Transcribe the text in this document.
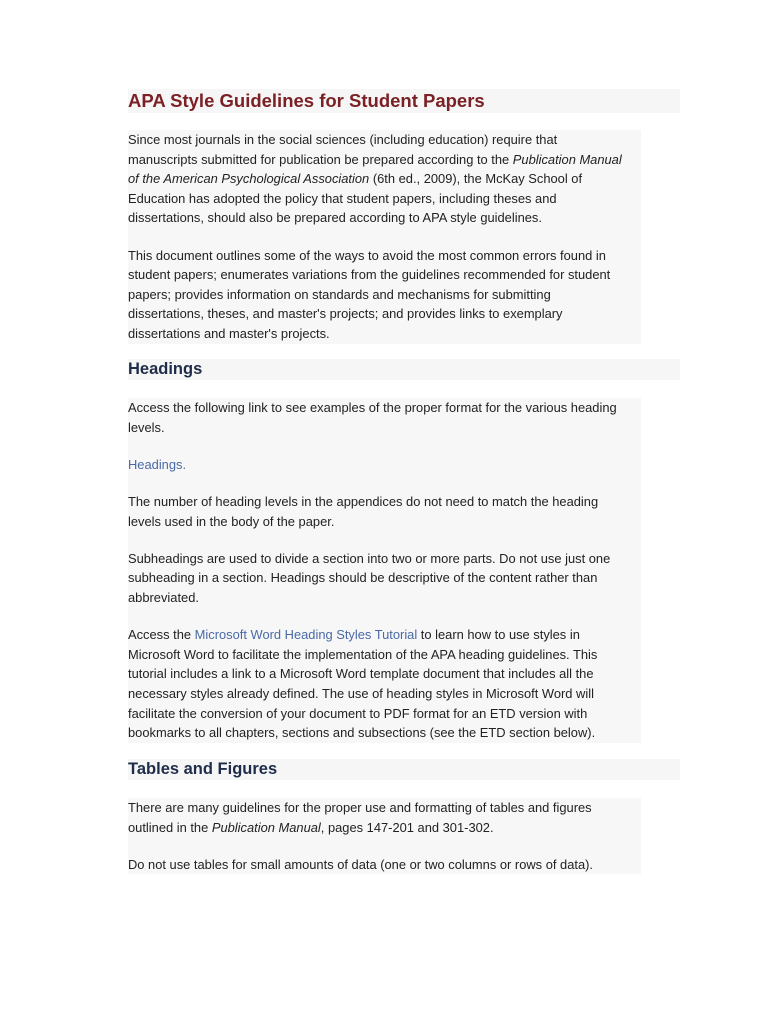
APA Style Guidelines for Student Papers

Since most journals in the social sciences (including education) require that
manuscripts submitted for publication be prepared according to the Publication Manual
of the American Psychological Association (6th ed., 2009), the McKay School of
Education has adopted the policy that student papers, including theses and
dissertations, should also be prepared according to APA style guidelines.

This document outlines some of the ways to avoid the most common errors found in
student papers; enumerates variations from the guidelines recommended for student
papers; provides information on standards and mechanisms for submitting
dissertations, theses, and master's projects; and provides links to exemplary
dissertations and master's projects.

Headings

Access the following link to see examples of the proper format for the various heading
levels.

Headings.

The number of heading levels in the appendices do not need to match the heading
levels used in the body of the paper.

Subheadings are used to divide a section into two or more parts. Do not use just one
subheading in a section. Headings should be descriptive of the content rather than
abbreviated.

Access the Microsoft Word Heading Styles Tutorial to learn how to use styles in
Microsoft Word to facilitate the implementation of the APA heading guidelines. This
tutorial includes a link to a Microsoft Word template document that includes all the
necessary styles already defined. The use of heading styles in Microsoft Word will
facilitate the conversion of your document to PDF format for an ETD version with
bookmarks to all chapters, sections and subsections (see the ETD section below).

Tables and Figures

There are many guidelines for the proper use and formatting of tables and figures
outlined in the Publication Manual, pages 147-201 and 301-302.

Do not use tables for small amounts of data (one or two columns or rows of data).
